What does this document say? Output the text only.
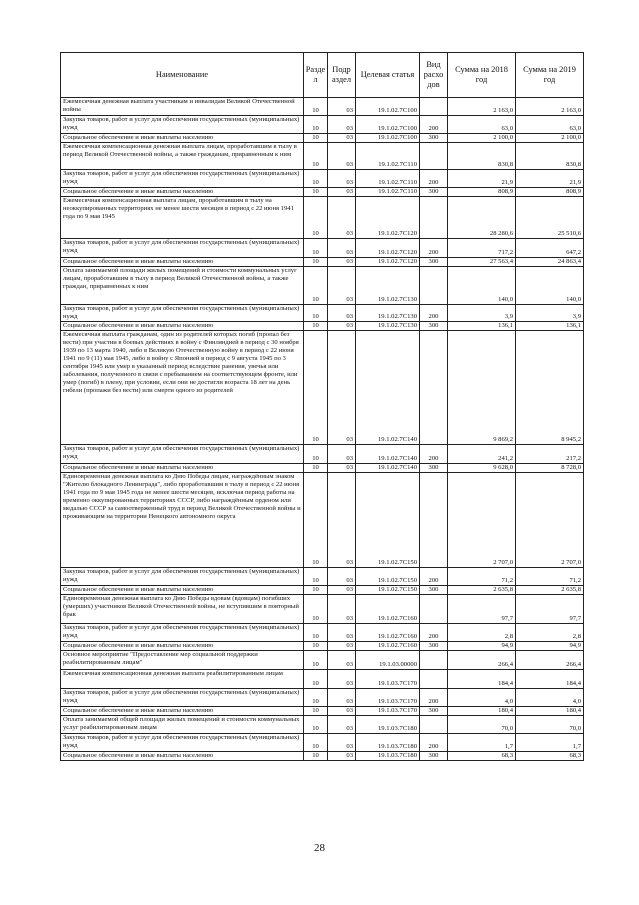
Наименование	Разде л	Подр аздел	Целевая статья	Вид расхо дов	Сумма на 2018 год	Сумма на 2019 год
Ежемесячная денежная выплата участникам и инвалидам Великой Отечественной войны	10	03	19.1.02.7С100		2 163,0	2 163,0
Закупка товаров, работ и услуг для обеспечения государственных (муниципальных) нужд	10	03	19.1.02.7С100	200	63,0	63,0
Социальное обеспечение и иные выплаты населению	10	03	19.1.02.7С100	300	2 100,0	2 100,0
Ежемесячная компенсационная денежная выплата лицам, проработавшим в тылу в период Великой Отечественной войны, а также гражданам, приравненным к ним	10	03	19.1.02.7С110		830,8	830,8
Закупка товаров, работ и услуг для обеспечения государственных (муниципальных) нужд	10	03	19.1.02.7С110	200	21,9	21,9
Социальное обеспечение и иные выплаты населению	10	03	19.1.02.7С110	300	808,9	808,9
Ежемесячная компенсационная выплата лицам, проработавшим в тылу на неоккупированных территориях не менее шести месяцев в период с 22 июня 1941 года по 9 мая 1945	10	03	19.1.02.7С120		28 280,6	25 510,6
Закупка товаров, работ и услуг для обеспечения государственных (муниципальных) нужд	10	03	19.1.02.7С120	200	717,2	647,2
Социальное обеспечение и иные выплаты населению	10	03	19.1.02.7С120	300	27 563,4	24 863,4
Оплата занимаемой площади жилых помещений и стоимости коммунальных услуг лицам, проработавшим в тылу в период Великой Отечественной войны, а также граждан, приравненных к ним	10	03	19.1.02.7С130		140,0	140,0
Закупка товаров, работ и услуг для обеспечения государственных (муниципальных) нужд	10	03	19.1.02.7С130	200	3,9	3,9
Социальное обеспечение и иные выплаты населению	10	03	19.1.02.7С130	300	136,1	136,1
Ежемесячная выплата гражданам, один из родителей которых погиб (пропал без вести) при участии в боевых действиях в войну с Финляндией в период с 30 ноября 1939 по 13 марта 1940, либо в Великую Отечественную войну в период с 22 июня 1941 по 9 (11) мая 1945, либо в войну с Японией в период с 9 августа 1945 по 3 сентября 1945 или умер в указанный период вследствие ранения, увечья или заболевания, полученного в связи с пребыванием на соответствующем фронте, или умер (погиб) в плену, при условии, если они не достигли возраста 18 лет на день гибели (пропажи без вести) или смерти одного из родителей	10	03	19.1.02.7С140		9 869,2	8 945,2
Закупка товаров, работ и услуг для обеспечения государственных (муниципальных) нужд	10	03	19.1.02.7С140	200	241,2	217,2
Социальное обеспечение и иные выплаты населению	10	03	19.1.02.7С140	300	9 628,0	8 728,0
Единовременная денежная выплата ко Дню Победы лицам, награждённым знаком "Жителю блокадного Ленинграда", либо проработавшим в тылу в период с 22 июня 1941 года по 9 мая 1945 года не менее шести месяцев, исключая период работы на временно оккупированных территориях СССР, либо награждённым орденом или медалью СССР за самоотверженный труд в период Великой Отечественной войны и проживающим на территории Ненецкого автономного округа	10	03	19.1.02.7С150		2 707,0	2 707,0
Закупка товаров, работ и услуг для обеспечения государственных (муниципальных) нужд	10	03	19.1.02.7С150	200	71,2	71,2
Социальное обеспечение и иные выплаты населению	10	03	19.1.02.7С150	300	2 635,8	2 635,8
Единовременная денежная выплата ко Дню Победы вдовам (вдовцам) погибших (умерших) участников Великой Отечественной войны, не вступившим в повторный брак	10	03	19.1.02.7С160		97,7	97,7
Закупка товаров, работ и услуг для обеспечения государственных (муниципальных) нужд	10	03	19.1.02.7С160	200	2,8	2,8
Социальное обеспечение и иные выплаты населению	10	03	19.1.02.7С160	300	94,9	94,9
Основное мероприятие "Предоставление мер социальной поддержки реабилитированным лицам"	10	03	19.1.03.00000		266,4	266,4
Ежемесячная компенсационная денежная выплата реабилитированным лицам	10	03	19.1.03.7С170		184,4	184,4
Закупка товаров, работ и услуг для обеспечения государственных (муниципальных) нужд	10	03	19.1.03.7С170	200	4,0	4,0
Социальное обеспечение и иные выплаты населению	10	03	19.1.03.7С170	300	180,4	180,4
Оплата занимаемой общей площади жилых помещений и стоимости коммунальных услуг реабилитированным лицам	10	03	19.1.03.7С180		70,0	70,0
Закупка товаров, работ и услуг для обеспечения государственных (муниципальных) нужд	10	03	19.1.03.7С180	200	1,7	1,7
Социальное обеспечение и иные выплаты населению	10	03	19.1.03.7С180	300	68,3	68,3
28
